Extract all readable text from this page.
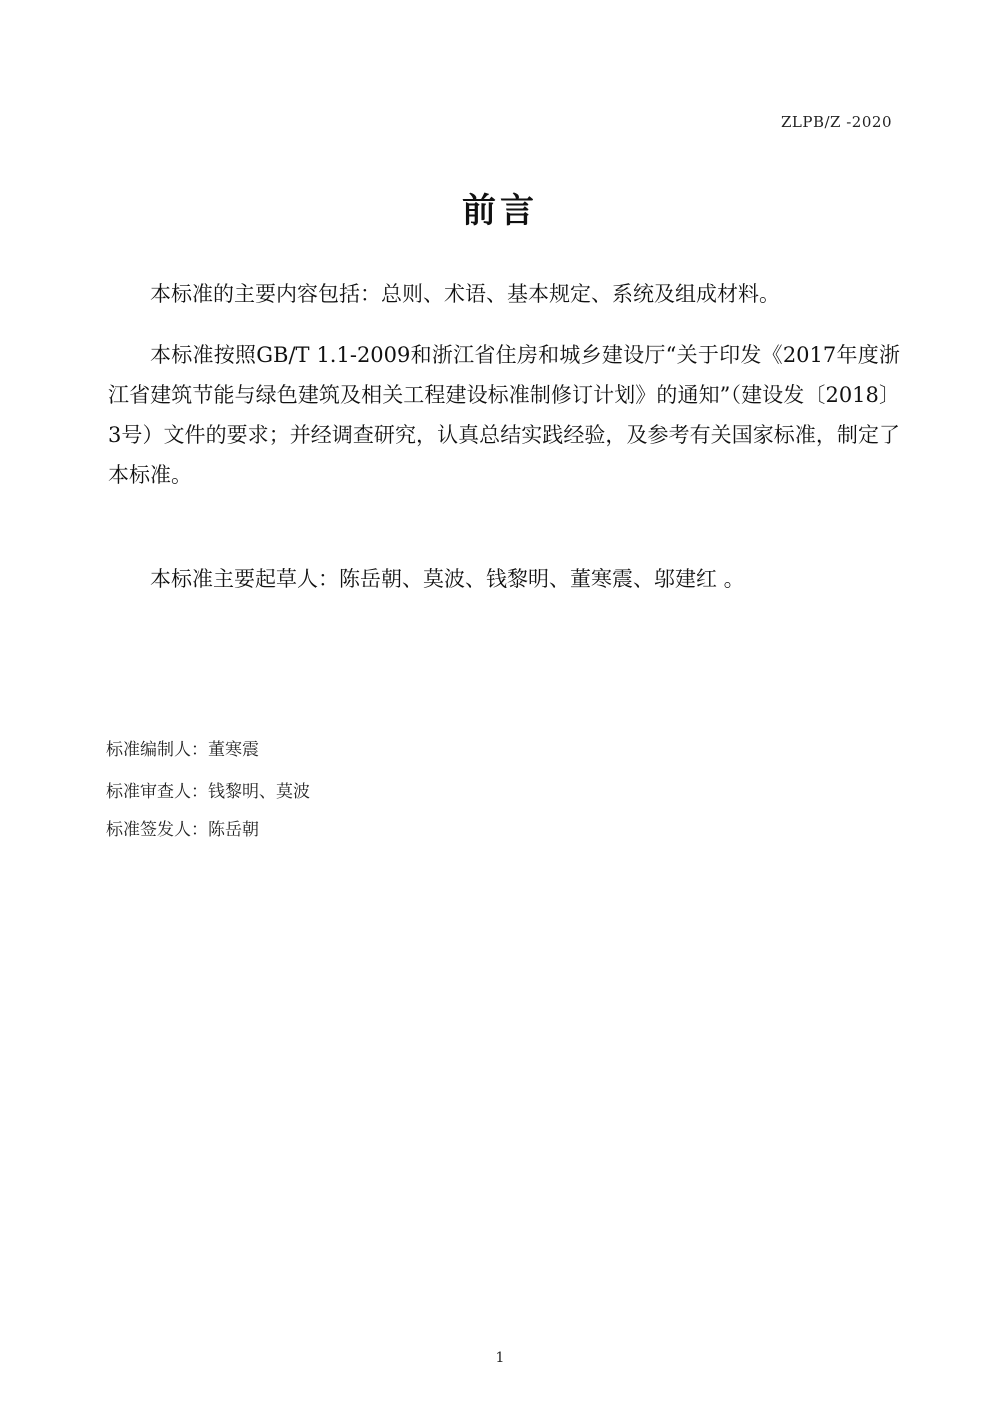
ZLPB/Z -2020
前言

本标准的主要内容包括：总则、术语、基本规定、系统及组成材料。

本标准按照GB/T 1.1-2009和浙江省住房和城乡建设厅“关于印发《2017年度浙江省建筑节能与绿色建筑及相关工程建设标准制修订计划》的通知”（建设发〔2018〕3号）文件的要求；并经调查研究，认真总结实践经验，及参考有关国家标准，制定了本标准。

本标准主要起草人：陈岳朝、莫波、钱黎明、董寒震、邬建红 。

标准编制人：董寒震

标准审查人：钱黎明、莫波

标准签发人：陈岳朝

1
